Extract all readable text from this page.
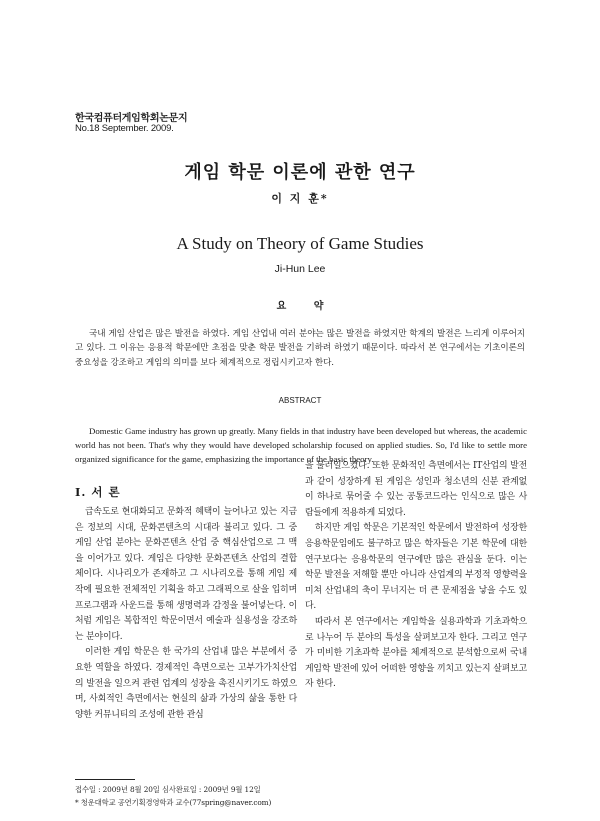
한국컴퓨터게임학회논문지
No.18 September. 2009.
게임 학문 이론에 관한 연구
이 지 훈*
A Study on Theory of Game Studies
Ji-Hun Lee
요 약

국내 게임 산업은 많은 발전을 하였다. 게임 산업내 여러 분야는 많은 발전을 하였지만 학계의 발전은 느리게 이루어지고 있다. 그 이유는 응용적 학문에만 초점을 맞춘 학문 발전을 기하려 하였기 때문이다. 따라서 본 연구에서는 기초이론의 중요성을 강조하고 게임의 의미를 보다 체계적으로 정립시키고자 한다.

ABSTRACT

Domestic Game industry has grown up greatly. Many fields in that industry have been developed but whereas, the academic world has not been. That's why they would have developed scholarship focused on applied studies. So, I'd like to settle more organized significance for the game, emphasizing the importance of the basic theory.

Ⅰ. 서 론

급속도로 현대화되고 문화적 혜택이 늘어나고 있는 지금은 정보의 시대, 문화콘텐츠의 시대라 불리고 있다. 그 중 게임 산업 분야는 문화콘텐츠 산업 중 핵심산업으로 그 맥을 이어가고 있다. 게임은 다양한 문화콘텐츠 산업의 결합체이다. 시나리오가 존재하고 그 시나리오를 통해 게임 제작에 필요한 전체적인 기획을 하고 그래픽으로 살을 입히며 프로그램과 사운드를 통해 생명력과 감정을 불어넣는다. 이처럼 게임은 복합적인 학문이면서 예술과 실용성을 강조하는 분야이다.

이러한 게임 학문은 한 국가의 산업내 많은 부분에서 중요한 역할을 하였다. 경제적인 측면으로는 고부가가치산업의 발전을 일으켜 관련 업계의 성장을 촉진시키기도 하였으며, 사회적인 측면에서는 현실의 삶과 가상의 삶을 통한 다양한 커뮤니티의 조성에 관한 관심

을 불러일으켰다. 또한 문화적인 측면에서는 IT산업의 발전과 같이 성장하게 된 게임은 성인과 청소년의 신분 관계없이 하나로 묶어줄 수 있는 공통코드라는 인식으로 많은 사람들에게 적용하게 되었다.

하지만 게임 학문은 기본적인 학문에서 발전하여 성장한 응용학문임에도 불구하고 많은 학자들은 기본 학문에 대한 연구보다는 응용학문의 연구에만 많은 관심을 둔다. 이는 학문 발전을 저해할 뿐만 아니라 산업계의 부정적 영향력을 미쳐 산업내의 축이 무너지는 더 큰 문제점을 낳을 수도 있다.

따라서 본 연구에서는 게임학을 실용과학과 기초과학으로 나누어 두 분야의 특성을 살펴보고자 한다. 그리고 연구가 미비한 기초과학 분야를 체계적으로 분석함으로써 국내 게임학 발전에 있어 어떠한 영향을 끼치고 있는지 살펴보고자 한다.

접수일 : 2009년 8월 20일 심사완료일 : 2009년 9월 12일
* 청운대학교 공연기획경영학과 교수(77spring@naver.com)
